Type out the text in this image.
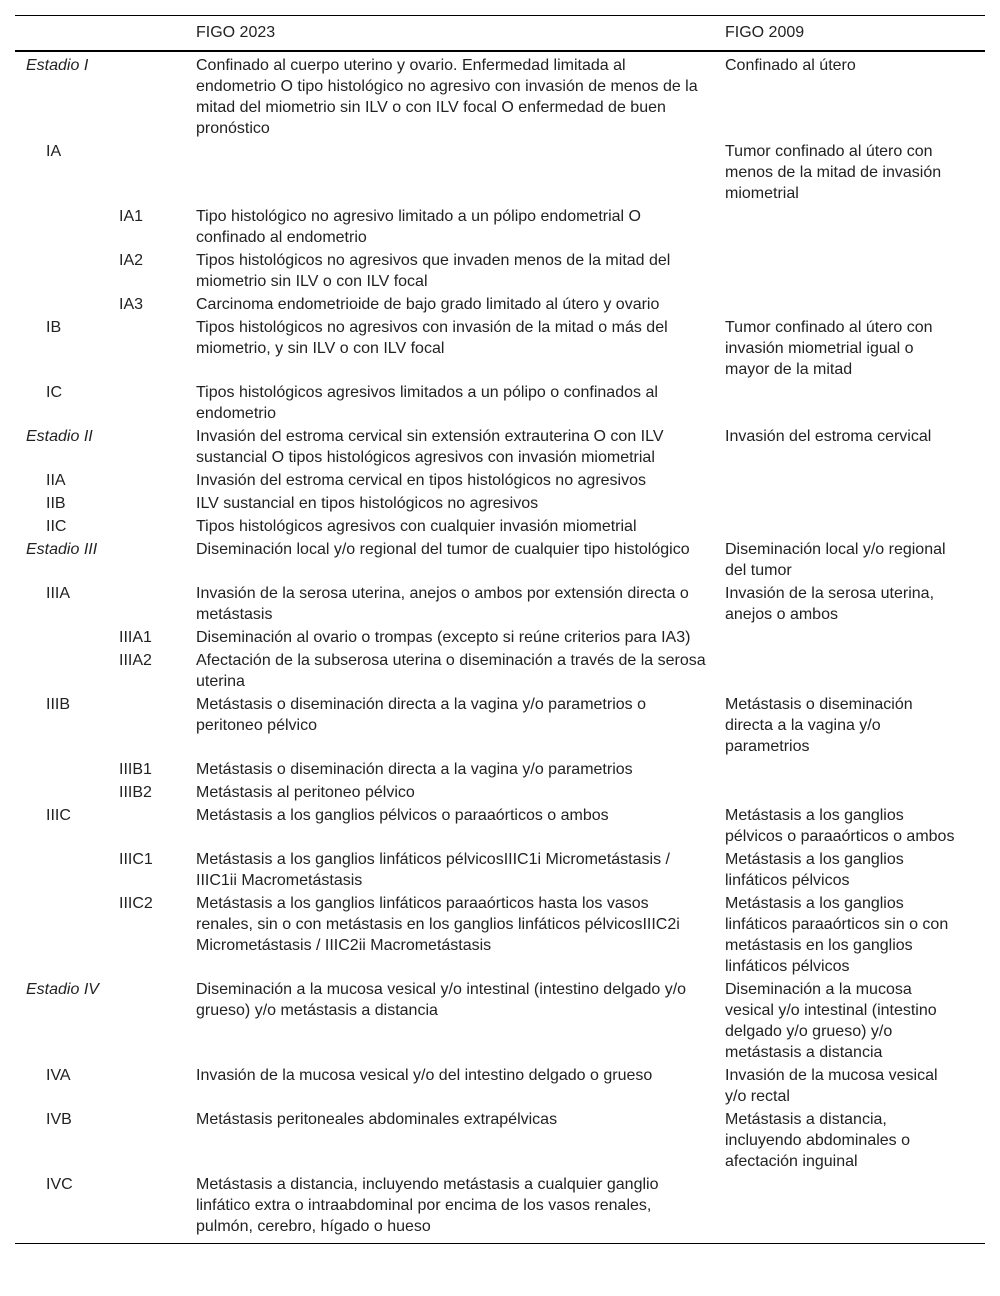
		FIGO 2023	FIGO 2009
Estadio I		Confinado al cuerpo uterino y ovario. Enfermedad limitada al endometrio O tipo histológico no agresivo con invasión de menos de la mitad del miometrio sin ILV o con ILV focal O enfermedad de buen pronóstico	Confinado al útero
IA			Tumor confinado al útero con menos de la mitad de invasión miometrial
	IA1	Tipo histológico no agresivo limitado a un pólipo endometrial O confinado al endometrio	
	IA2	Tipos histológicos no agresivos que invaden menos de la mitad del miometrio sin ILV o con ILV focal	
	IA3	Carcinoma endometrioide de bajo grado limitado al útero y ovario	
IB		Tipos histológicos no agresivos con invasión de la mitad o más del miometrio, y sin ILV o con ILV focal	Tumor confinado al útero con invasión miometrial igual o mayor de la mitad
IC		Tipos histológicos agresivos limitados a un pólipo o confinados al endometrio	
Estadio II		Invasión del estroma cervical sin extensión extrauterina O con ILV sustancial O tipos histológicos agresivos con invasión miometrial	Invasión del estroma cervical
IIA		Invasión del estroma cervical en tipos histológicos no agresivos	
IIB		ILV sustancial en tipos histológicos no agresivos	
IIC		Tipos histológicos agresivos con cualquier invasión miometrial	
Estadio III		Diseminación local y/o regional del tumor de cualquier tipo histológico	Diseminación local y/o regional del tumor
IIIA		Invasión de la serosa uterina, anejos o ambos por extensión directa o metástasis	Invasión de la serosa uterina, anejos o ambos
	IIIA1	Diseminación al ovario o trompas (excepto si reúne criterios para IA3)	
	IIIA2	Afectación de la subserosa uterina o diseminación a través de la serosa uterina	
IIIB		Metástasis o diseminación directa a la vagina y/o parametrios o peritoneo pélvico	Metástasis o diseminación directa a la vagina y/o parametrios
	IIIB1	Metástasis o diseminación directa a la vagina y/o parametrios	
	IIIB2	Metástasis al peritoneo pélvico	
IIIC		Metástasis a los ganglios pélvicos o paraaórticos o ambos	Metástasis a los ganglios pélvicos o paraaórticos o ambos
	IIIC1	Metástasis a los ganglios linfáticos pélvicosIIIC1i Micrometástasis / IIIC1ii Macrometástasis	Metástasis a los ganglios linfáticos pélvicos
	IIIC2	Metástasis a los ganglios linfáticos paraaórticos hasta los vasos renales, sin o con metástasis en los ganglios linfáticos pélvicosIIIC2i Micrometástasis / IIIC2ii Macrometástasis	Metástasis a los ganglios linfáticos paraaórticos sin o con metástasis en los ganglios linfáticos pélvicos
Estadio IV		Diseminación a la mucosa vesical y/o intestinal (intestino delgado y/o grueso) y/o metástasis a distancia	Diseminación a la mucosa vesical y/o intestinal (intestino delgado y/o grueso) y/o metástasis a distancia
IVA		Invasión de la mucosa vesical y/o del intestino delgado o grueso	Invasión de la mucosa vesical y/o rectal
IVB		Metástasis peritoneales abdominales extrapélvicas	Metástasis a distancia, incluyendo abdominales o afectación inguinal
IVC		Metástasis a distancia, incluyendo metástasis a cualquier ganglio linfático extra o intraabdominal por encima de los vasos renales, pulmón, cerebro, hígado o hueso	
